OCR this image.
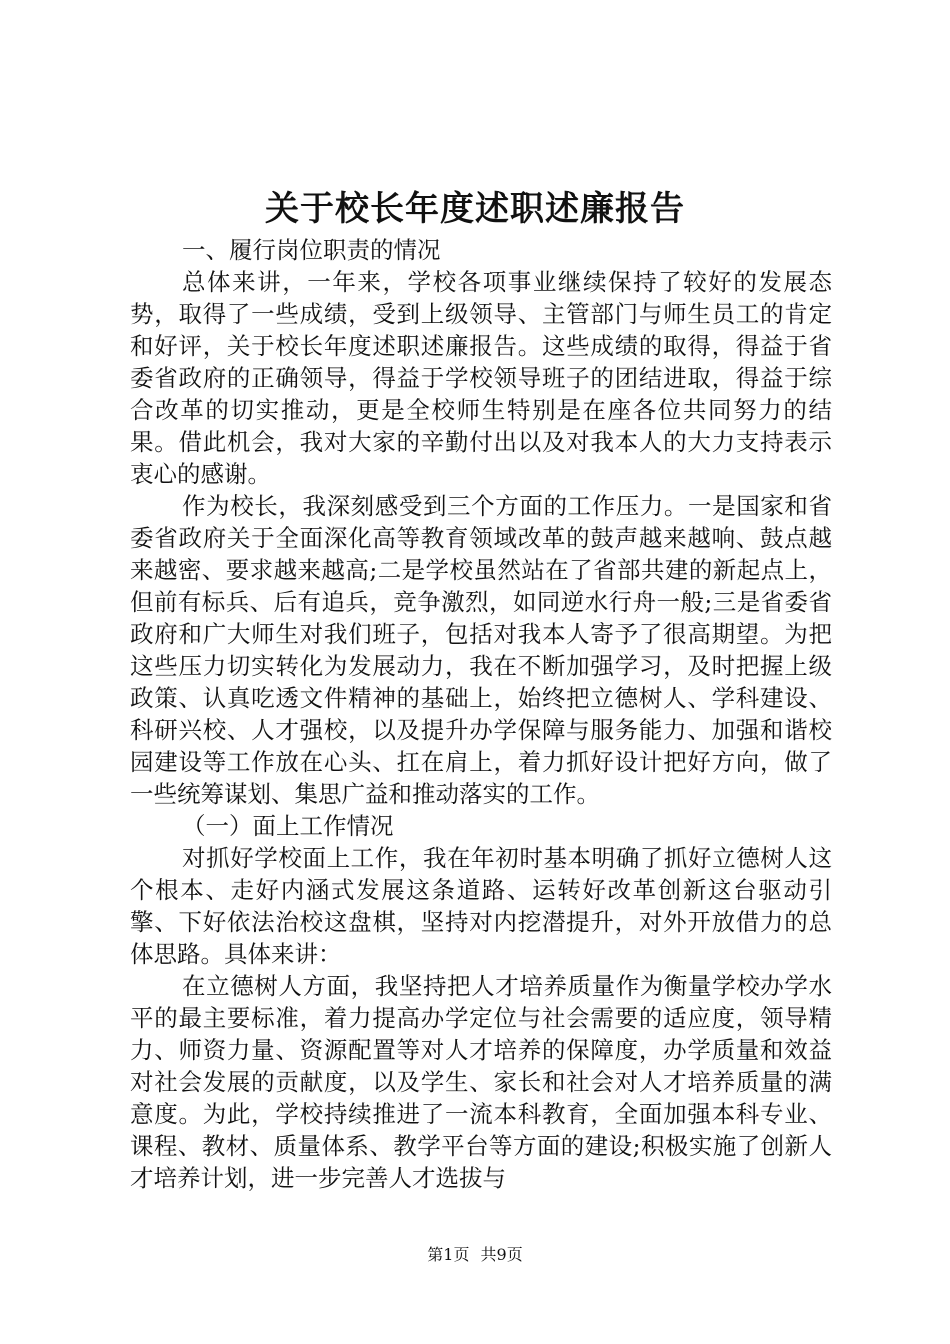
关于校长年度述职述廉报告

一、履行岗位职责的情况

总体来讲，一年来，学校各项事业继续保持了较好的发展态势，取得了一些成绩，受到上级领导、主管部门与师生员工的肯定和好评，关于校长年度述职述廉报告。这些成绩的取得，得益于省委省政府的正确领导，得益于学校领导班子的团结进取，得益于综合改革的切实推动，更是全校师生特别是在座各位共同努力的结果。借此机会，我对大家的辛勤付出以及对我本人的大力支持表示衷心的感谢。

作为校长，我深刻感受到三个方面的工作压力。一是国家和省委省政府关于全面深化高等教育领域改革的鼓声越来越响、鼓点越来越密、要求越来越高;二是学校虽然站在了省部共建的新起点上，但前有标兵、后有追兵，竞争激烈，如同逆水行舟一般;三是省委省政府和广大师生对我们班子，包括对我本人寄予了很高期望。为把这些压力切实转化为发展动力，我在不断加强学习，及时把握上级政策、认真吃透文件精神的基础上，始终把立德树人、学科建设、科研兴校、人才强校，以及提升办学保障与服务能力、加强和谐校园建设等工作放在心头、扛在肩上，着力抓好设计把好方向，做了一些统筹谋划、集思广益和推动落实的工作。

（一）面上工作情况

对抓好学校面上工作，我在年初时基本明确了抓好立德树人这个根本、走好内涵式发展这条道路、运转好改革创新这台驱动引擎、下好依法治校这盘棋，坚持对内挖潜提升，对外开放借力的总体思路。具体来讲：

在立德树人方面，我坚持把人才培养质量作为衡量学校办学水平的最主要标准，着力提高办学定位与社会需要的适应度，领导精力、师资力量、资源配置等对人才培养的保障度，办学质量和效益对社会发展的贡献度，以及学生、家长和社会对人才培养质量的满意度。为此，学校持续推进了一流本科教育，全面加强本科专业、课程、教材、质量体系、教学平台等方面的建设;积极实施了创新人才培养计划，进一步完善人才选拔与

第1页 共9页
